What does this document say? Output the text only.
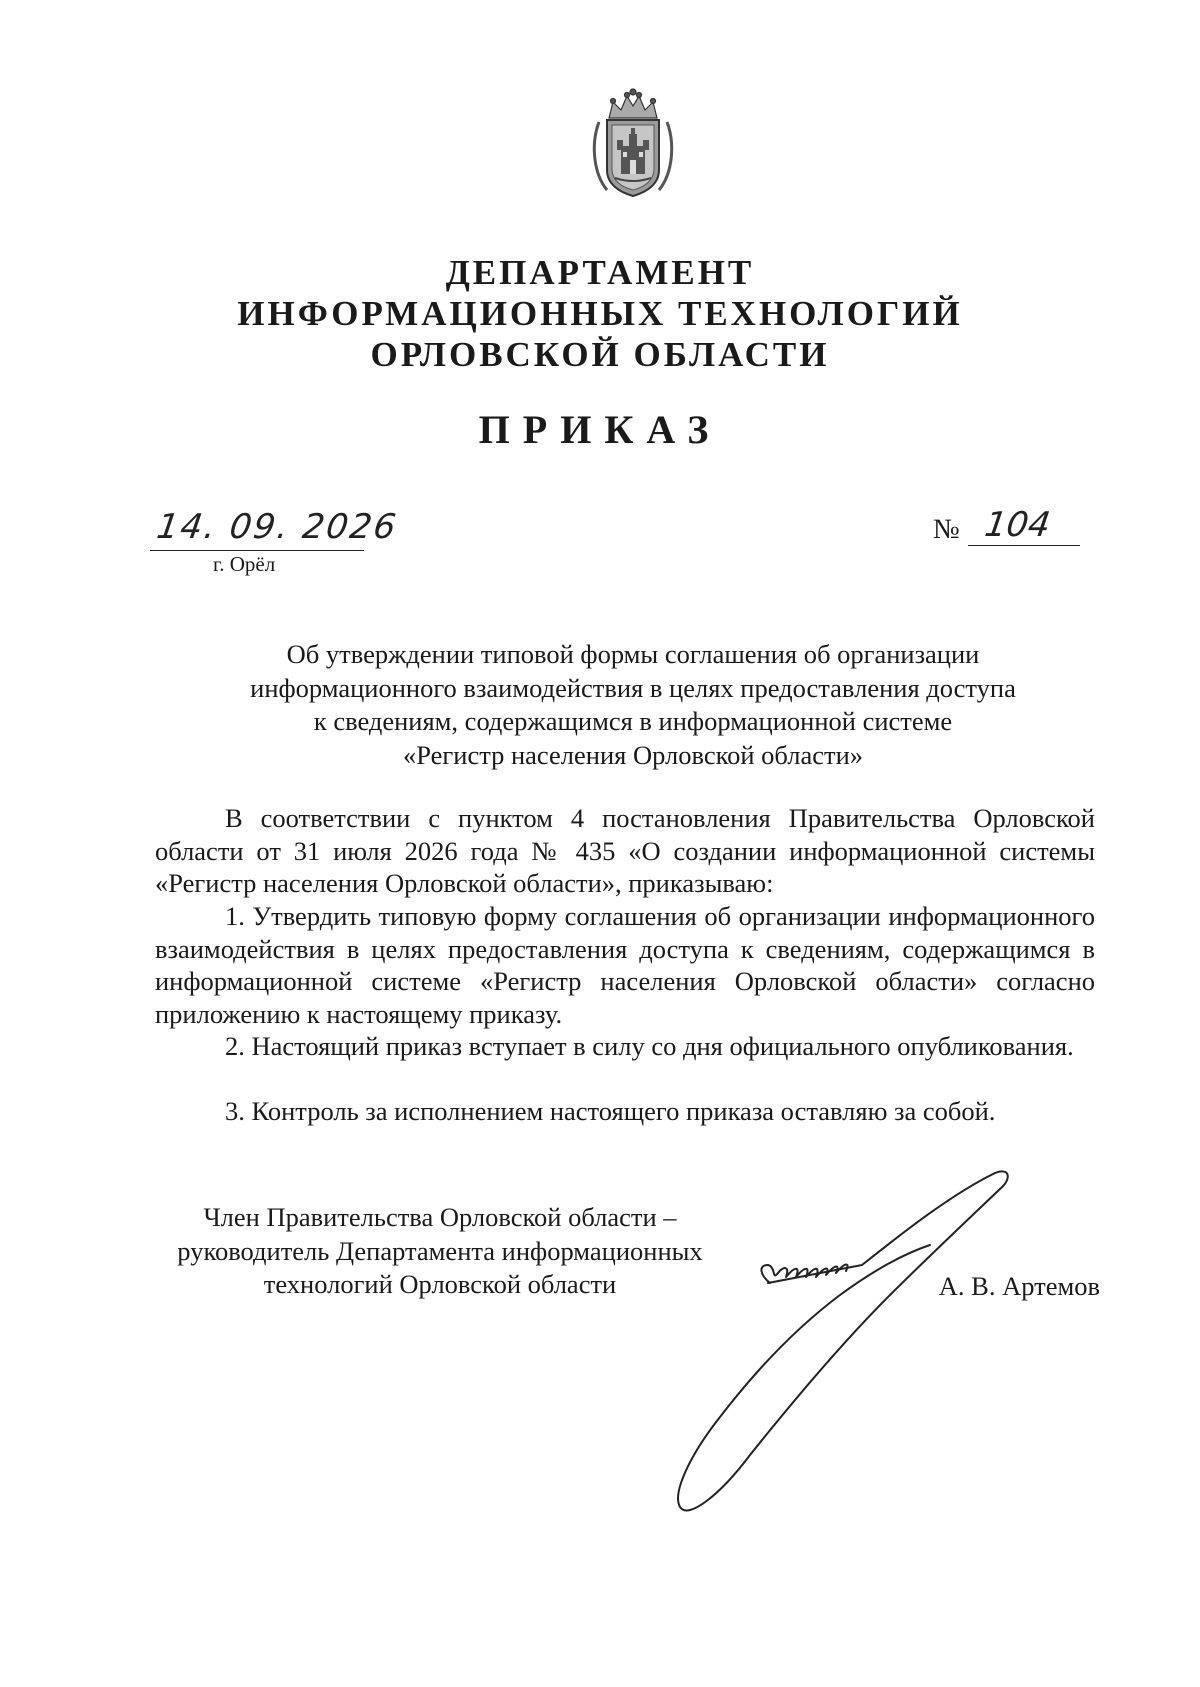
ДЕПАРТАМЕНТ
ИНФОРМАЦИОННЫХ ТЕХНОЛОГИЙ
ОРЛОВСКОЙ ОБЛАСТИ
ПРИКАЗ
14. 09. 2026
г. Орёл
№ 104
Об утверждении типовой формы соглашения об организации
информационного взаимодействия в целях предоставления доступа
к сведениям, содержащимся в информационной системе
«Регистр населения Орловской области»

В соответствии с пунктом 4 постановления Правительства Орловской области от 31 июля 2026 года № 435 «О создании информационной системы «Регистр населения Орловской области», приказываю:

1. Утвердить типовую форму соглашения об организации информационного взаимодействия в целях предоставления доступа к сведениям, содержащимся в информационной системе «Регистр населения Орловской области» согласно приложению к настоящему приказу.

2. Настоящий приказ вступает в силу со дня официального опубликования.

3. Контроль за исполнением настоящего приказа оставляю за собой.

Член Правительства Орловской области –
руководитель Департамента информационных
технологий Орловской области	А. В. Артемов
